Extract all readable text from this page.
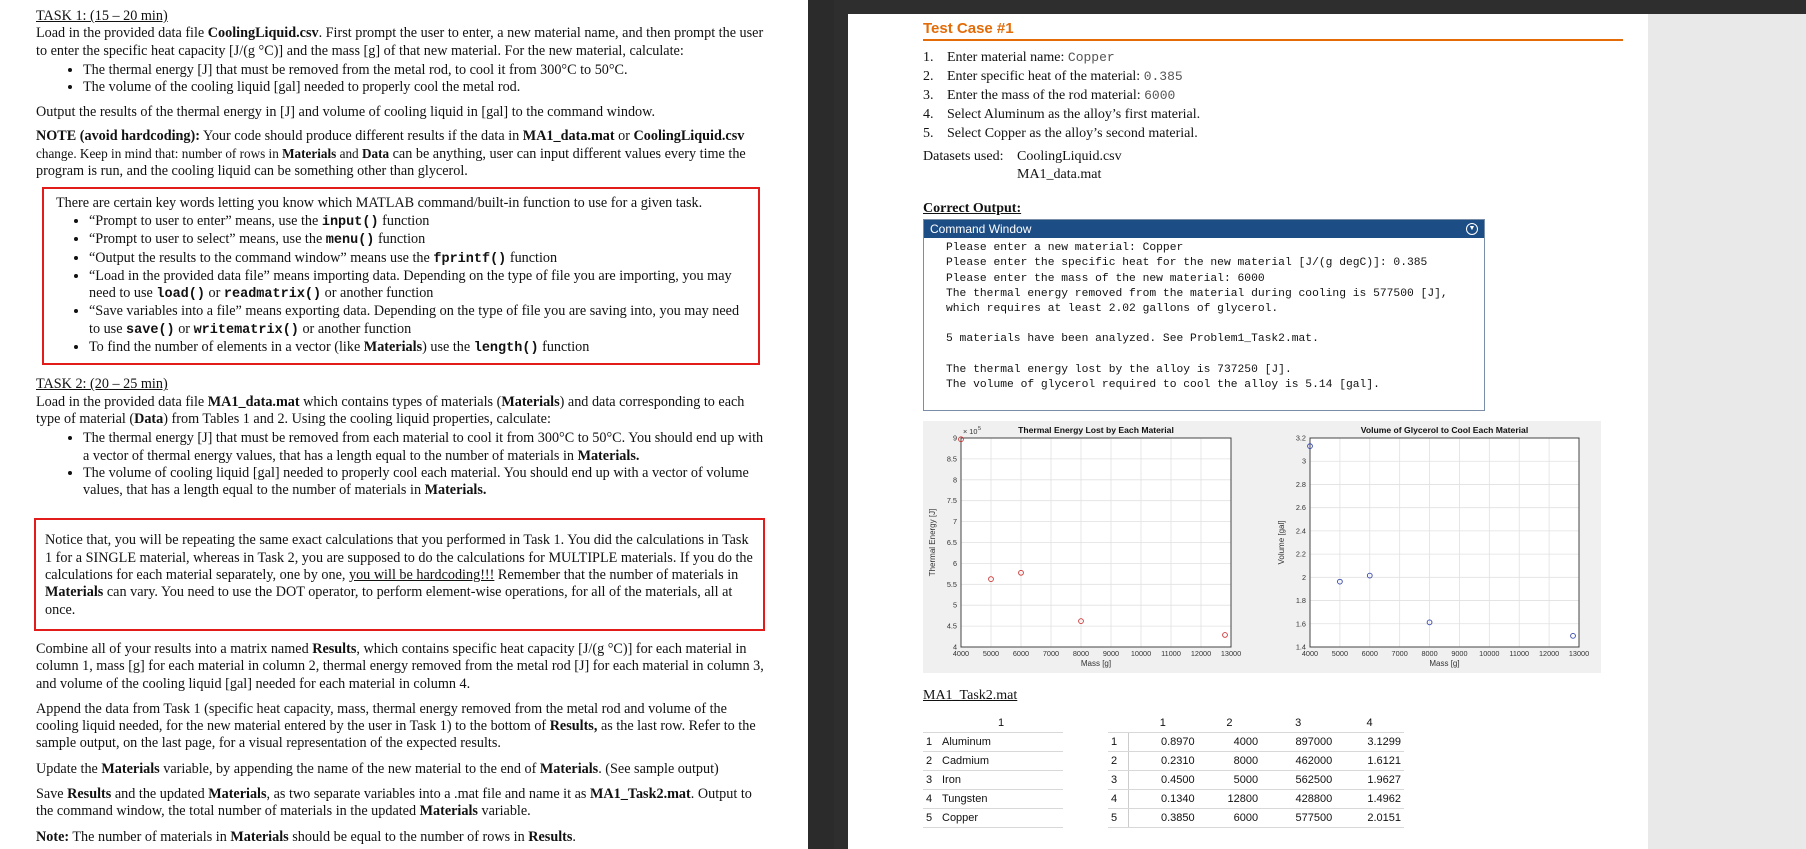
TASK 1: (15 – 20 min)

Load in the provided data file CoolingLiquid.csv. First prompt the user to enter, a new material name, and then prompt the user to enter the specific heat capacity [J/(g °C)] and the mass [g] of that new material. For the new material, calculate:

• The thermal energy [J] that must be removed from the metal rod, to cool it from 300°C to 50°C.
• The volume of the cooling liquid [gal] needed to properly cool the metal rod.

Output the results of the thermal energy in [J] and volume of cooling liquid in [gal] to the command window.

NOTE (avoid hardcoding): Your code should produce different results if the data in MA1_data.mat or CoolingLiquid.csv
change. Keep in mind that: number of rows in Materials and Data can be anything, user can input different values every time the program is run, and the cooling liquid can be something other than glycerol.

There are certain key words letting you know which MATLAB command/built-in function to use for a given task.

• “Prompt to user to enter” means, use the input() function
• “Prompt to user to select” means, use the menu() function
• “Output the results to the command window” means use the fprintf() function
• “Load in the provided data file” means importing data. Depending on the type of file you are importing, you may need to use load() or readmatrix() or another function
• “Save variables into a file” means exporting data. Depending on the type of file you are saving into, you may need to use save() or writematrix() or another function
• To find the number of elements in a vector (like Materials) use the length() function

TASK 2: (20 – 25 min)

Load in the provided data file MA1_data.mat which contains types of materials (Materials) and data corresponding to each type of material (Data) from Tables 1 and 2. Using the cooling liquid properties, calculate:

• The thermal energy [J] that must be removed from each material to cool it from 300°C to 50°C. You should end up with a vector of thermal energy values, that has a length equal to the number of materials in Materials.
• The volume of cooling liquid [gal] needed to properly cool each material. You should end up with a vector of volume values, that has a length equal to the number of materials in Materials.

Notice that, you will be repeating the same exact calculations that you performed in Task 1. You did the calculations in Task 1 for a SINGLE material, whereas in Task 2, you are supposed to do the calculations for MULTIPLE materials. If you do the calculations for each material separately, one by one, you will be hardcoding!!! Remember that the number of materials in Materials can vary. You need to use the DOT operator, to perform element-wise operations, for all of the materials, all at once.

Combine all of your results into a matrix named Results, which contains specific heat capacity [J/(g °C)] for each material in column 1, mass [g] for each material in column 2, thermal energy removed from the metal rod [J] for each material in column 3, and volume of the cooling liquid [gal] needed for each material in column 4.

Append the data from Task 1 (specific heat capacity, mass, thermal energy removed from the metal rod and volume of the cooling liquid needed, for the new material entered by the user in Task 1) to the bottom of Results, as the last row. Refer to the sample output, on the last page, for a visual representation of the expected results.

Update the Materials variable, by appending the name of the new material to the end of Materials. (See sample output)

Save Results and the updated Materials, as two separate variables into a .mat file and name it as MA1_Task2.mat. Output to the command window, the total number of materials in the updated Materials variable.

Note: The number of materials in Materials should be equal to the number of rows in Results.

Test Case #1
1. Enter material name: Copper
2. Enter specific heat of the material: 0.385
3. Enter the mass of the rod material: 6000
4. Select Aluminum as the alloy’s first material.
5. Select Copper as the alloy’s second material.
Datasets used: CoolingLiquid.csv
MA1_data.mat
Correct Output:
Command Window	▼
Please enter a new material: Copper
Please enter the specific heat for the new material [J/(g degC)]: 0.385
Please enter the mass of the new material: 6000
The thermal energy removed from the material during cooling is 577500 [J],
which requires at least 2.02 gallons of glycerol.
5 materials have been analyzed. See Problem1_Task2.mat.
The thermal energy lost by the alloy is 737250 [J].
The volume of glycerol required to cool the alloy is 5.14 [gal].
4000 5000 6000 7000 8000 9000 10000 11000 12000 13000
4
4.5
5
5.5
6
6.5
7
7.5
8
8.5
9
Thermal Energy Lost by Each Material
Mass [g]
Thermal Energy [J]
× 10 5
4000 5000 6000 7000 8000 9000 10000 11000 12000 13000
1.4
1.6
1.8
2
2.2
2.4
2.6
2.8
3
3.2
Volume of Glycerol to Cool Each Material
Mass [g]
Volume [gal]
MA1_Task2.mat
	1
1	Aluminum
2	Cadmium
3	Iron
4	Tungsten
5	Copper
	1	2	3	4
1	0.8970	4000	897000	3.1299
2	0.2310	8000	462000	1.6121
3	0.4500	5000	562500	1.9627
4	0.1340	12800	428800	1.4962
5	0.3850	6000	577500	2.0151
